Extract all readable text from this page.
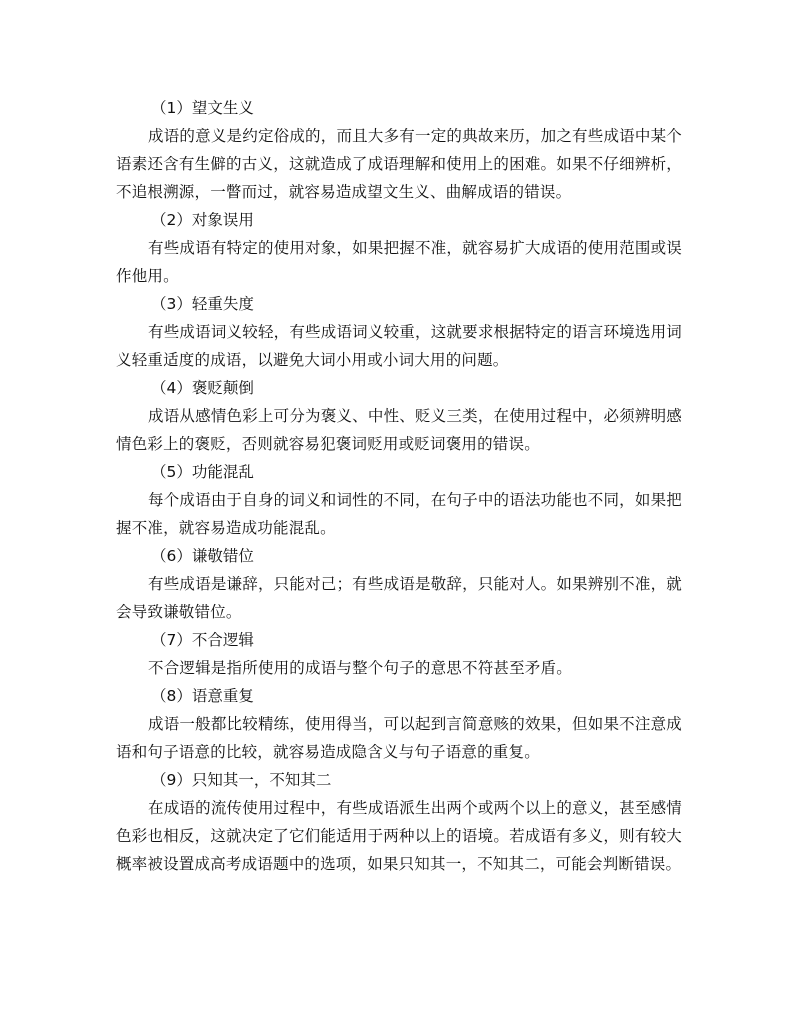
（1）望文生义

成语的意义是约定俗成的，而且大多有一定的典故来历，加之有些成语中某个语素还含有生僻的古义，这就造成了成语理解和使用上的困难。如果不仔细辨析，不追根溯源，一瞥而过，就容易造成望文生义、曲解成语的错误。

（2）对象误用

有些成语有特定的使用对象，如果把握不准，就容易扩大成语的使用范围或误作他用。

（3）轻重失度

有些成语词义较轻，有些成语词义较重，这就要求根据特定的语言环境选用词义轻重适度的成语，以避免大词小用或小词大用的问题。

（4）褒贬颠倒

成语从感情色彩上可分为褒义、中性、贬义三类，在使用过程中，必须辨明感情色彩上的褒贬，否则就容易犯褒词贬用或贬词褒用的错误。

（5）功能混乱

每个成语由于自身的词义和词性的不同，在句子中的语法功能也不同，如果把握不准，就容易造成功能混乱。

（6）谦敬错位

有些成语是谦辞，只能对己；有些成语是敬辞，只能对人。如果辨别不准，就会导致谦敬错位。

（7）不合逻辑

不合逻辑是指所使用的成语与整个句子的意思不符甚至矛盾。

（8）语意重复

成语一般都比较精练，使用得当，可以起到言简意赅的效果，但如果不注意成语和句子语意的比较，就容易造成隐含义与句子语意的重复。

（9）只知其一，不知其二

在成语的流传使用过程中，有些成语派生出两个或两个以上的意义，甚至感情色彩也相反，这就决定了它们能适用于两种以上的语境。若成语有多义，则有较大概率被设置成高考成语题中的选项，如果只知其一，不知其二，可能会判断错误。
